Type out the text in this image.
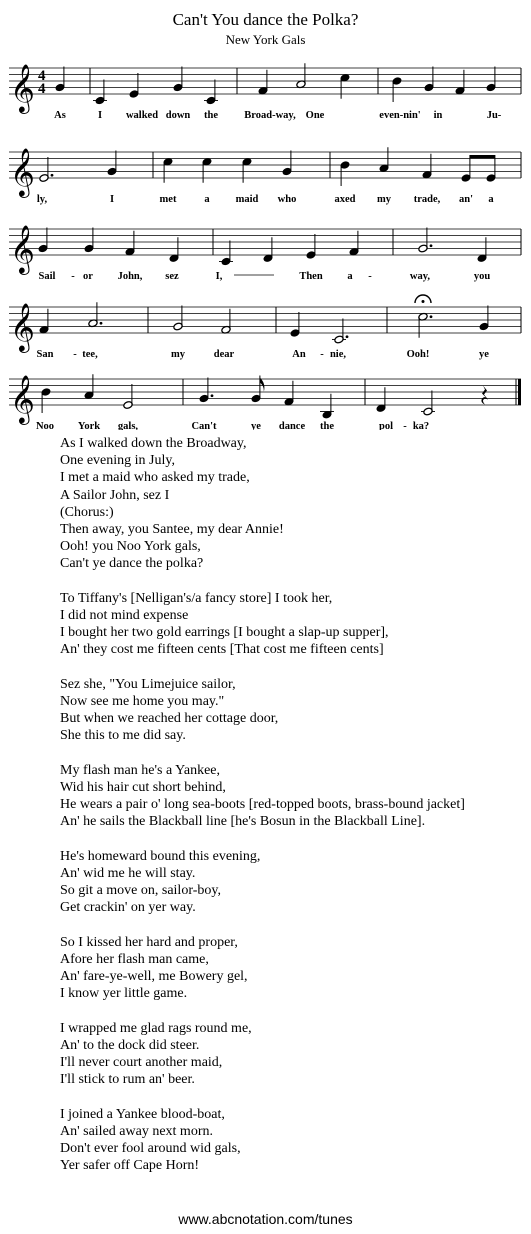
Can't You dance the Polka?
New York Gals
𝄞 4
4
𝄞
𝄞
𝄞
𝄞
As	I walked down the	Broad-way, One	even-nin' in	Ju-
ly,	I	met	a maid who	axed my trade, an' a
Sail - or John, sez	I,	Then a -	way,	you
San - tee,	my	dear	An - nie,	Ooh!	ye
Noo York gals,	Can't	ye dance the	pol - ka?
As I walked down the Broadway,
One evening in July,
I met a maid who asked my trade,
A Sailor John, sez I
(Chorus:)
Then away, you Santee, my dear Annie!
Ooh! you Noo York gals,
Can't ye dance the polka?
To Tiffany's [Nelligan's/a fancy store] I took her,
I did not mind expense
I bought her two gold earrings [I bought a slap-up supper],
An' they cost me fifteen cents [That cost me fifteen cents]
Sez she, "You Limejuice sailor,
Now see me home you may."
But when we reached her cottage door,
She this to me did say.
My flash man he's a Yankee,
Wid his hair cut short behind,
He wears a pair o' long sea-boots [red-topped boots, brass-bound jacket]
An' he sails the Blackball line [he's Bosun in the Blackball Line].
He's homeward bound this evening,
An' wid me he will stay.
So git a move on, sailor-boy,
Get crackin' on yer way.
So I kissed her hard and proper,
Afore her flash man came,
An' fare-ye-well, me Bowery gel,
I know yer little game.
I wrapped me glad rags round me,
An' to the dock did steer.
I'll never court another maid,
I'll stick to rum an' beer.
I joined a Yankee blood-boat,
An' sailed away next morn.
Don't ever fool around wid gals,
Yer safer off Cape Horn!
www.abcnotation.com/tunes
